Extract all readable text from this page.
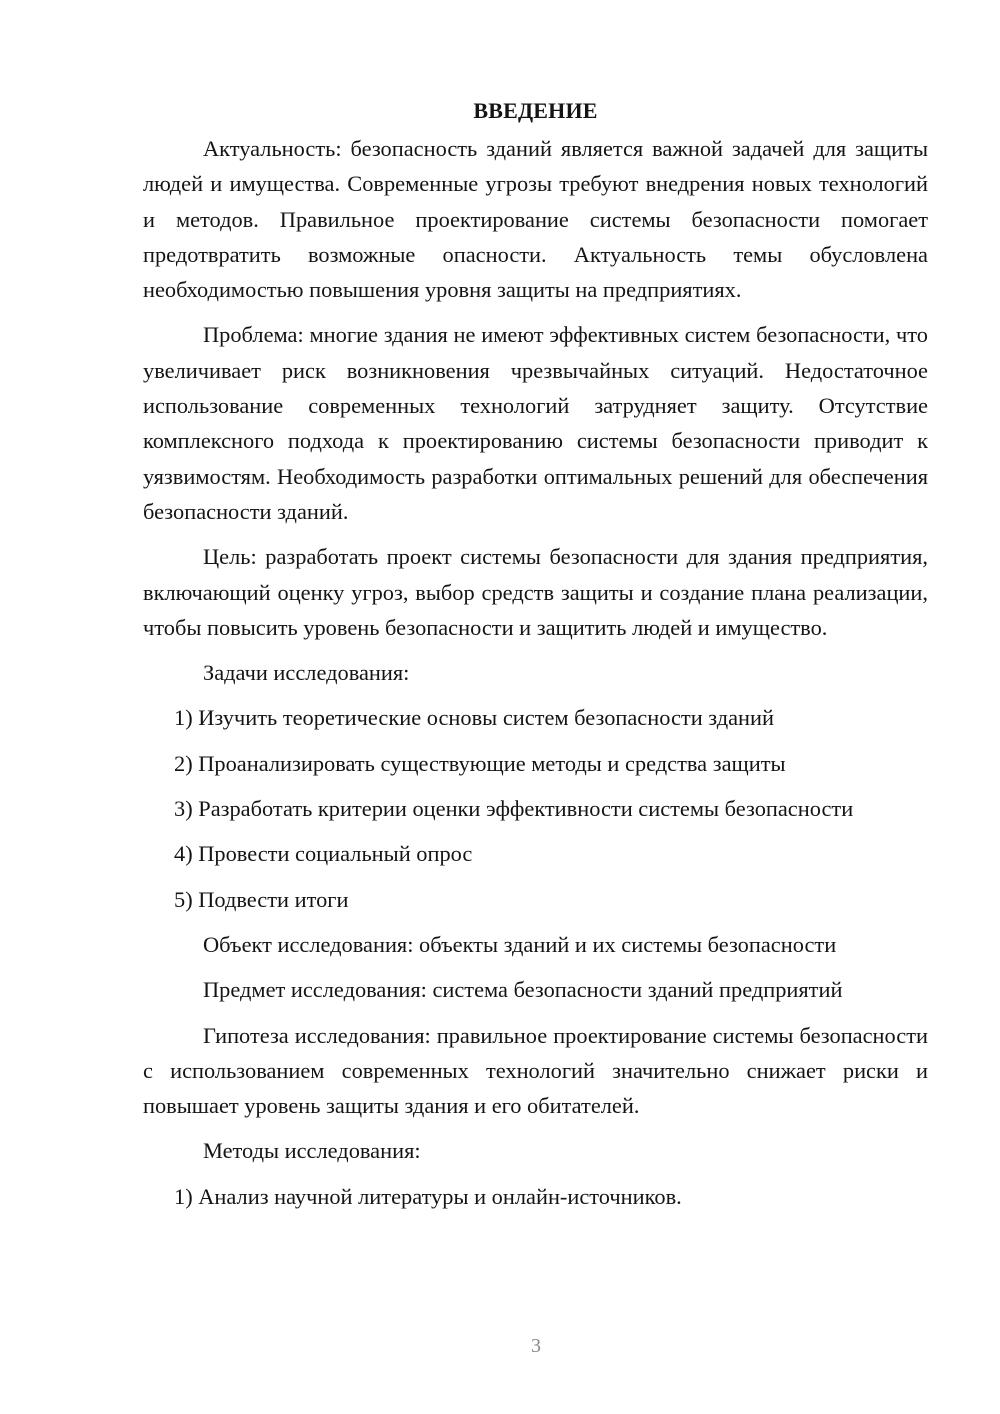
ВВЕДЕНИЕ

Актуальность: безопасность зданий является важной задачей для защиты людей и имущества. Современные угрозы требуют внедрения новых технологий и методов. Правильное проектирование системы безопасности помогает предотвратить возможные опасности. Актуальность темы обусловлена необходимостью повышения уровня защиты на предприятиях.

Проблема: многие здания не имеют эффективных систем безопасности, что увеличивает риск возникновения чрезвычайных ситуаций. Недостаточное использование современных технологий затрудняет защиту. Отсутствие комплексного подхода к проектированию системы безопасности приводит к уязвимостям. Необходимость разработки оптимальных решений для обеспечения безопасности зданий.

Цель: разработать проект системы безопасности для здания предприятия, включающий оценку угроз, выбор средств защиты и создание плана реализации, чтобы повысить уровень безопасности и защитить людей и имущество.

Задачи исследования:

1) Изучить теоретические основы систем безопасности зданий

2) Проанализировать существующие методы и средства защиты

3) Разработать критерии оценки эффективности системы безопасности

4) Провести социальный опрос

5) Подвести итоги

Объект исследования: объекты зданий и их системы безопасности

Предмет исследования: система безопасности зданий предприятий

Гипотеза исследования: правильное проектирование системы безопасности с использованием современных технологий значительно снижает риски и повышает уровень защиты здания и его обитателей.

Методы исследования:

1) Анализ научной литературы и онлайн-источников.

3
